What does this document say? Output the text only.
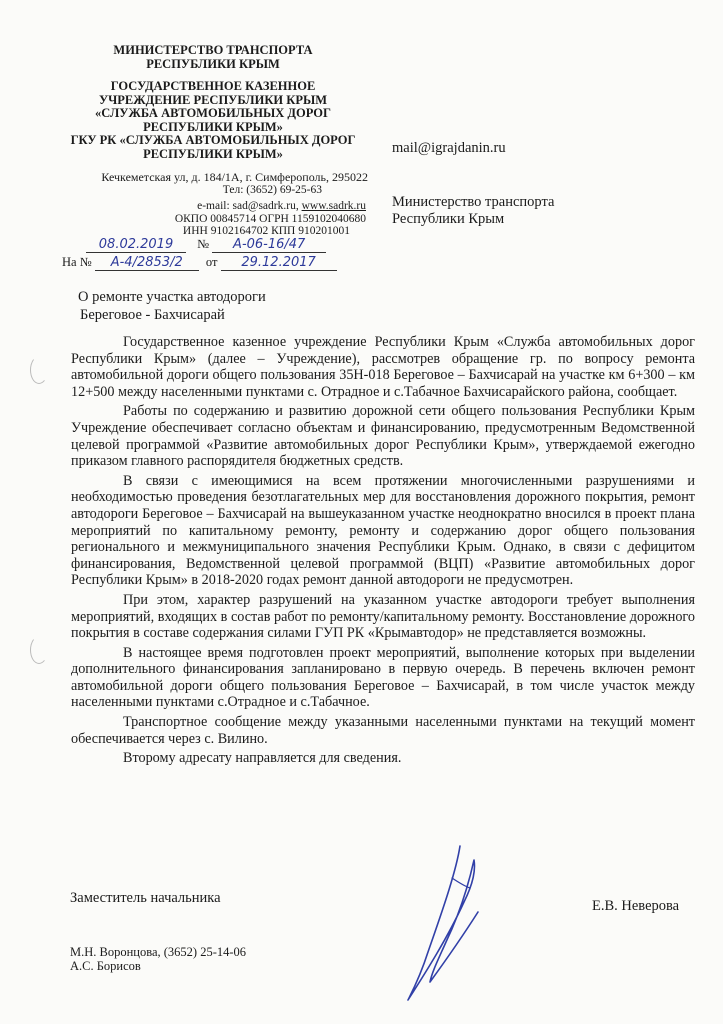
МИНИСТЕРСТВО ТРАНСПОРТА
РЕСПУБЛИКИ КРЫМ
ГОСУДАРСТВЕННОЕ КАЗЕННОЕ
УЧРЕЖДЕНИЕ РЕСПУБЛИКИ КРЫМ
«СЛУЖБА АВТОМОБИЛЬНЫХ ДОРОГ
РЕСПУБЛИКИ КРЫМ»
ГКУ РК «СЛУЖБА АВТОМОБИЛЬНЫХ ДОРОГ
РЕСПУБЛИКИ КРЫМ»
Кечкеметская ул, д. 184/1А, г. Симферополь, 295022
Тел: (3652) 69-25-63
e-mail: sad@sadrk.ru, www.sadrk.ru
ОКПО 00845714 ОГРН 1159102040680
ИНН 9102164702 КПП 910201001
08.02.2019 № А-06-16/47
На № А-4/2853/2 от 29.12.2017
mail@igrajdanin.ru
Министерство транспорта
Республики Крым
О ремонте участка автодороги
Береговое - Бахчисарай

Государственное казенное учреждение Республики Крым «Служба автомобильных дорог Республики Крым» (далее – Учреждение), рассмотрев обращение гр. по вопросу ремонта автомобильной дороги общего пользования 35Н-018 Береговое – Бахчисарай на участке км 6+300 – км 12+500 между населенными пунктами с. Отрадное и с.Табачное Бахчисарайского района, сообщает.

Работы по содержанию и развитию дорожной сети общего пользования Республики Крым Учреждение обеспечивает согласно объектам и финансированию, предусмотренным Ведомственной целевой программой «Развитие автомобильных дорог Республики Крым», утверждаемой ежегодно приказом главного распорядителя бюджетных средств.

В связи с имеющимися на всем протяжении многочисленными разрушениями и необходимостью проведения безотлагательных мер для восстановления дорожного покрытия, ремонт автодороги Береговое – Бахчисарай на вышеуказанном участке неоднократно вносился в проект плана мероприятий по капитальному ремонту, ремонту и содержанию дорог общего пользования регионального и межмуниципального значения Республики Крым. Однако, в связи с дефицитом финансирования, Ведомственной целевой программой (ВЦП) «Развитие автомобильных дорог Республики Крым» в 2018-2020 годах ремонт данной автодороги не предусмотрен.

При этом, характер разрушений на указанном участке автодороги требует выполнения мероприятий, входящих в состав работ по ремонту/капитальному ремонту. Восстановление дорожного покрытия в составе содержания силами ГУП РК «Крымавтодор» не представляется возможны.

В настоящее время подготовлен проект мероприятий, выполнение которых при выделении дополнительного финансирования запланировано в первую очередь. В перечень включен ремонт автомобильной дороги общего пользования Береговое – Бахчисарай, в том числе участок между населенными пунктами с.Отрадное и с.Табачное.

Транспортное сообщение между указанными населенными пунктами на текущий момент обеспечивается через с. Вилино.

Второму адресату направляется для сведения.

Заместитель начальника	Е.В. Неверова
М.Н. Воронцова, (3652) 25-14-06
А.С. Борисов
